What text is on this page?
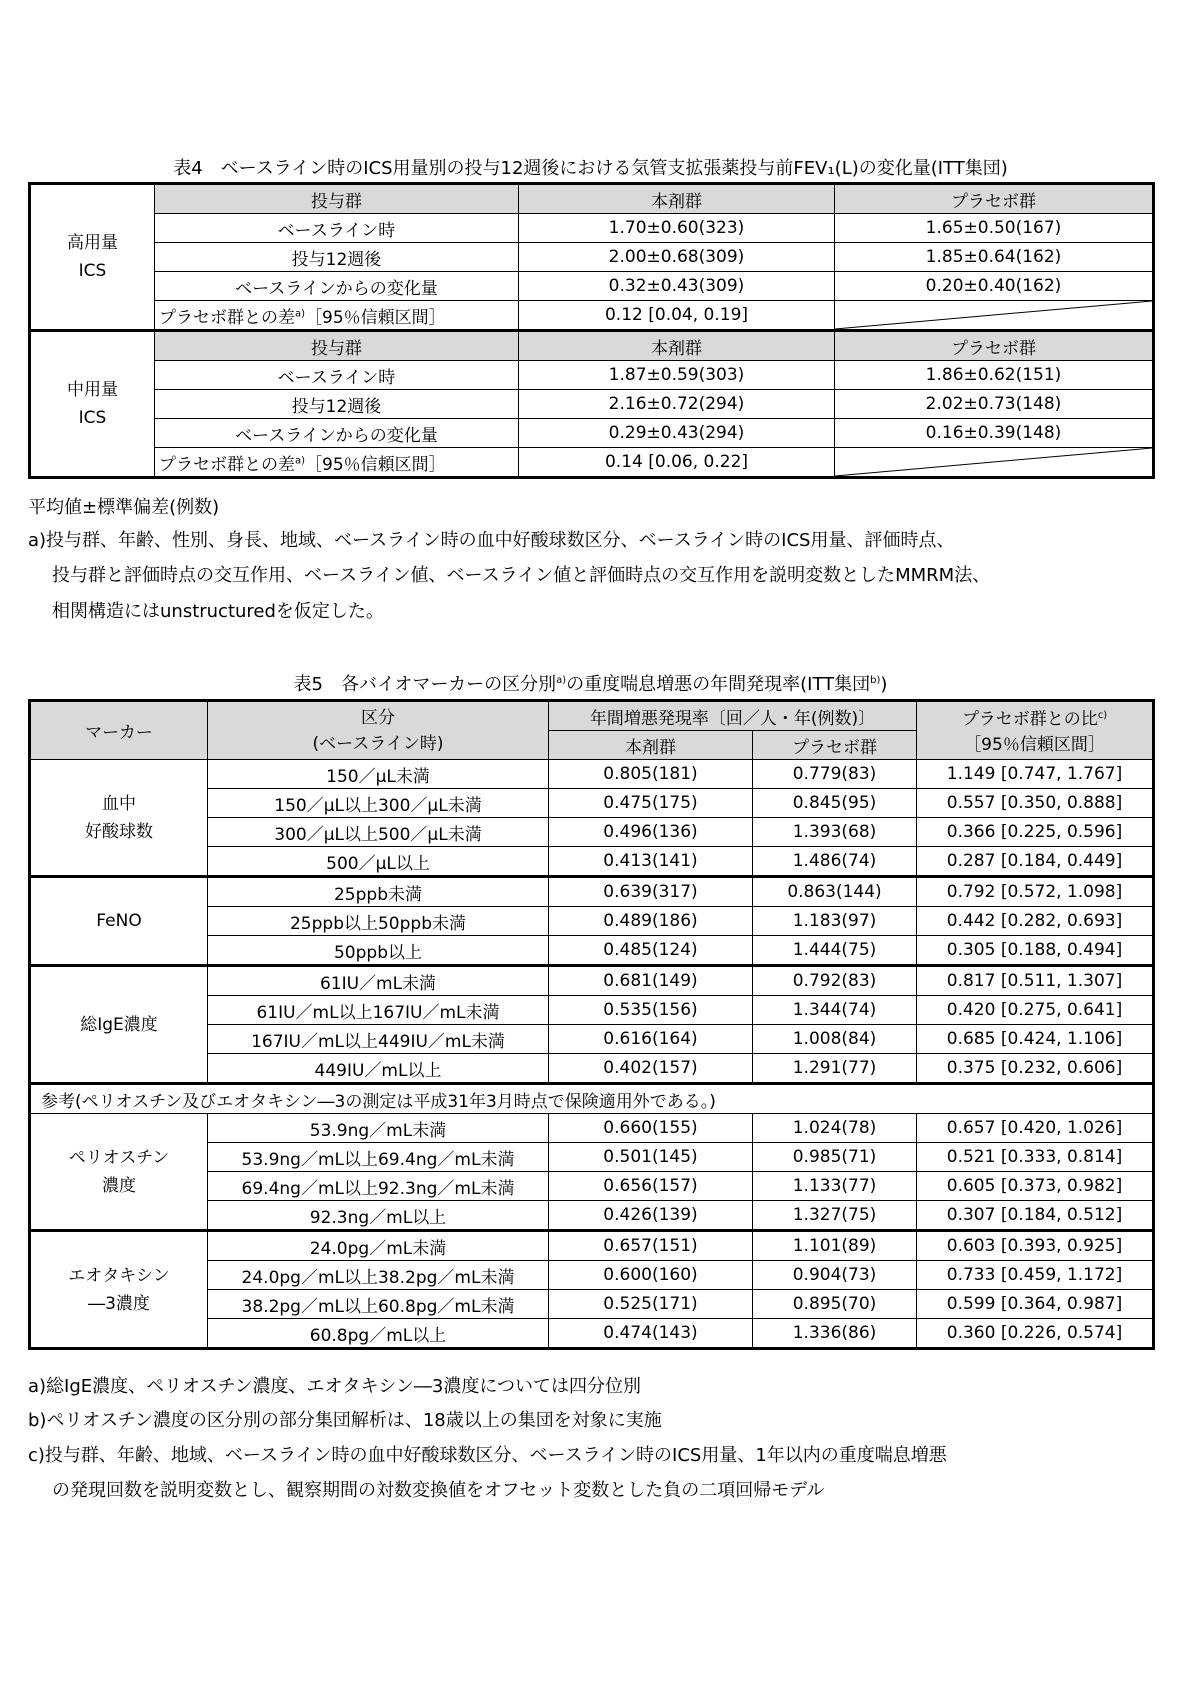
表4　ベースライン時のICS用量別の投与12週後における気管支拡張薬投与前FEV₁(L)の変化量(ITT集団)
高用量
ICS	投与群	本剤群	プラセボ群
	ベースライン時	1.70±0.60(323)	1.65±0.50(167)
	投与12週後	2.00±0.68(309)	1.85±0.64(162)
	ベースラインからの変化量	0.32±0.43(309)	0.20±0.40(162)
	プラセボ群との差$^{a)}$［95％信頼区間］	0.12 [0.04, 0.19]	

中用量
ICS	投与群	本剤群	プラセボ群
	ベースライン時	1.87±0.59(303)	1.86±0.62(151)
	投与12週後	2.16±0.72(294)	2.02±0.73(148)
	ベースラインからの変化量	0.29±0.43(294)	0.16±0.39(148)
	プラセボ群との差$^{a)}$［95％信頼区間］	0.14 [0.06, 0.22]	
平均値±標準偏差(例数)
a)投与群、年齢、性別、身長、地域、ベースライン時の血中好酸球数区分、ベースライン時のICS用量、評価時点、
投与群と評価時点の交互作用、ベースライン値、ベースライン値と評価時点の交互作用を説明変数としたMMRM法、
相関構造にはunstructuredを仮定した。
表5　各バイオマーカーの区分別$^{a)}$の重度喘息増悪の年間発現率(ITT集団$^{b)}$)
マーカー	区分
(ベースライン時)	年間増悪発現率〔回／人・年(例数)〕		プラセボ群との比$^{c)}$
［95％信頼区間］
		本剤群	プラセボ群	
血中
好酸球数	150／μL未満	0.805(181)	0.779(83)	1.149 [0.747, 1.767]
	150／μL以上300／μL未満	0.475(175)	0.845(95)	0.557 [0.350, 0.888]
	300／μL以上500／μL未満	0.496(136)	1.393(68)	0.366 [0.225, 0.596]
	500／μL以上	0.413(141)	1.486(74)	0.287 [0.184, 0.449]
FeNO	25ppb未満	0.639(317)	0.863(144)	0.792 [0.572, 1.098]
	25ppb以上50ppb未満	0.489(186)	1.183(97)	0.442 [0.282, 0.693]
	50ppb以上	0.485(124)	1.444(75)	0.305 [0.188, 0.494]
総IgE濃度	61IU／mL未満	0.681(149)	0.792(83)	0.817 [0.511, 1.307]
	61IU／mL以上167IU／mL未満	0.535(156)	1.344(74)	0.420 [0.275, 0.641]
	167IU／mL以上449IU／mL未満	0.616(164)	1.008(84)	0.685 [0.424, 1.106]
	449IU／mL以上	0.402(157)	1.291(77)	0.375 [0.232, 0.606]
参考(ペリオスチン及びエオタキシン―3の測定は平成31年3月時点で保険適用外である。)				
ペリオスチン
濃度	53.9ng／mL未満	0.660(155)	1.024(78)	0.657 [0.420, 1.026]
	53.9ng／mL以上69.4ng／mL未満	0.501(145)	0.985(71)	0.521 [0.333, 0.814]
	69.4ng／mL以上92.3ng／mL未満	0.656(157)	1.133(77)	0.605 [0.373, 0.982]
	92.3ng／mL以上	0.426(139)	1.327(75)	0.307 [0.184, 0.512]
エオタキシン
―3濃度	24.0pg／mL未満	0.657(151)	1.101(89)	0.603 [0.393, 0.925]
	24.0pg／mL以上38.2pg／mL未満	0.600(160)	0.904(73)	0.733 [0.459, 1.172]
	38.2pg／mL以上60.8pg／mL未満	0.525(171)	0.895(70)	0.599 [0.364, 0.987]
	60.8pg／mL以上	0.474(143)	1.336(86)	0.360 [0.226, 0.574]
a)総IgE濃度、ペリオスチン濃度、エオタキシン―3濃度については四分位別
b)ペリオスチン濃度の区分別の部分集団解析は、18歳以上の集団を対象に実施
c)投与群、年齢、地域、ベースライン時の血中好酸球数区分、ベースライン時のICS用量、1年以内の重度喘息増悪
の発現回数を説明変数とし、観察期間の対数変換値をオフセット変数とした負の二項回帰モデル
